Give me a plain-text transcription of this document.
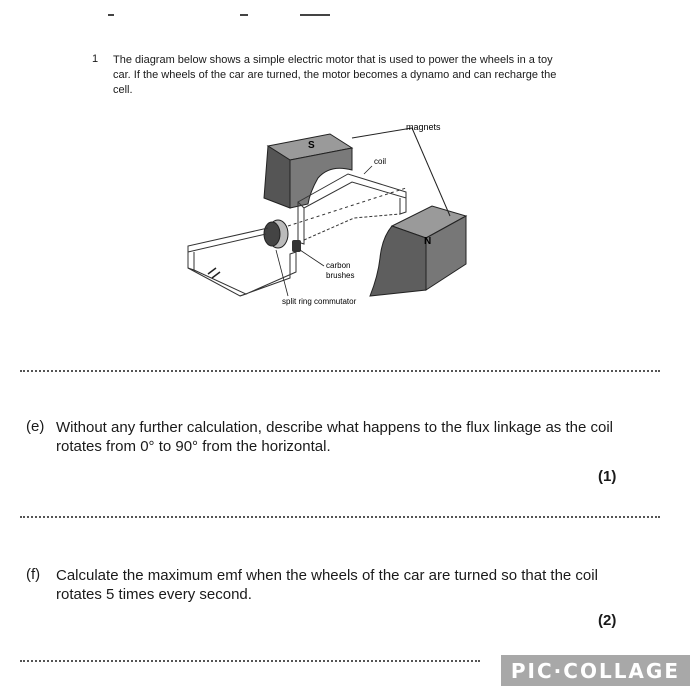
1 The diagram below shows a simple electric motor that is used to power the wheels in a toy car. If the wheels of the car are turned, the motor becomes a dynamo and can recharge the cell.
S
N
magnets
coil
carbon
brushes
split ring commutator
(e) Without any further calculation, describe what happens to the flux linkage as the coil rotates from 0° to 90° from the horizontal.
(1)
(f) Calculate the maximum emf when the wheels of the car are turned so that the coil rotates 5 times every second.
(2)
PIC·COLLAGE
